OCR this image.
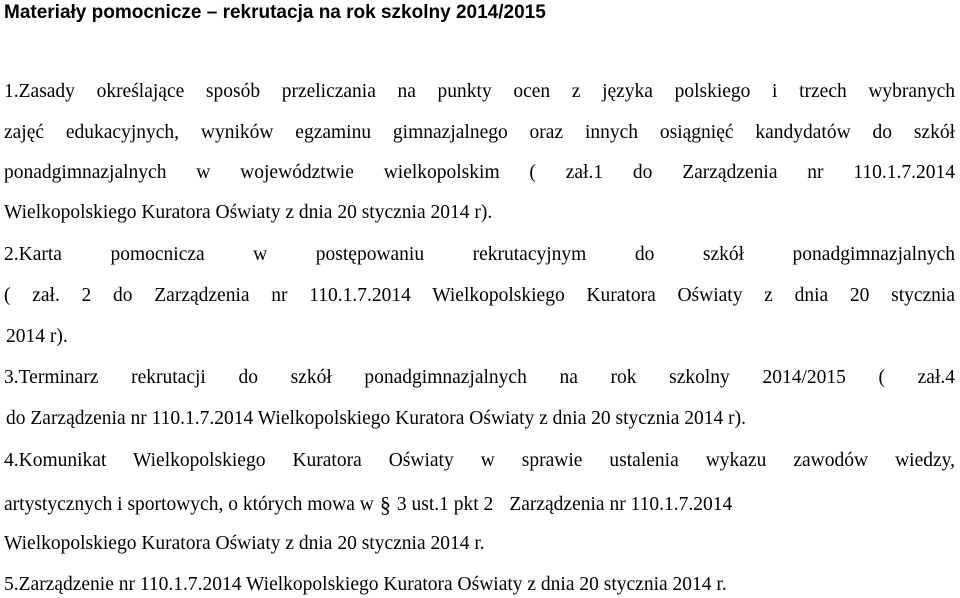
Materiały pomocnicze – rekrutacja na rok szkolny 2014/2015
1.Zasady określające sposób przeliczania na punkty ocen z języka polskiego i trzech wybranych
zajęć edukacyjnych, wyników egzaminu gimnazjalnego oraz innych osiągnięć kandydatów do szkół
ponadgimnazjalnych w województwie wielkopolskim ( zał.1 do Zarządzenia nr 110.1.7.2014
Wielkopolskiego Kuratora Oświaty z dnia 20 stycznia 2014 r).
2.Karta pomocnicza w postępowaniu rekrutacyjnym do szkół ponadgimnazjalnych
( zał. 2 do Zarządzenia nr 110.1.7.2014 Wielkopolskiego Kuratora Oświaty z dnia 20 stycznia
2014 r).
3.Terminarz rekrutacji do szkół ponadgimnazjalnych na rok szkolny 2014/2015 ( zał.4
do Zarządzenia nr 110.1.7.2014 Wielkopolskiego Kuratora Oświaty z dnia 20 stycznia 2014 r).
4.Komunikat Wielkopolskiego Kuratora Oświaty w sprawie ustalenia wykazu zawodów wiedzy,
artystycznych i sportowych, o których mowa w § 3 ust.1 pkt 2 Zarządzenia nr 110.1.7.2014
Wielkopolskiego Kuratora Oświaty z dnia 20 stycznia 2014 r.
5.Zarządzenie nr 110.1.7.2014 Wielkopolskiego Kuratora Oświaty z dnia 20 stycznia 2014 r.
